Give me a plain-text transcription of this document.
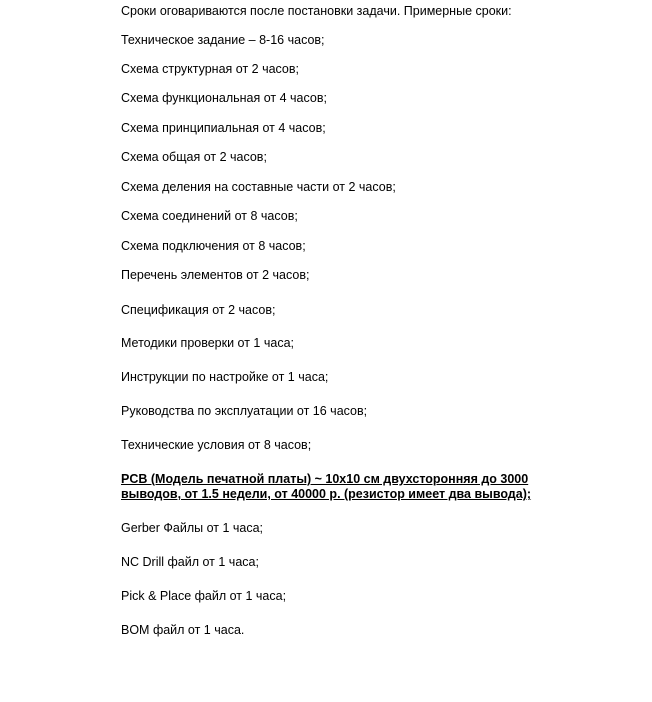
Сроки оговариваются после постановки задачи. Примерные сроки:
Техническое задание – 8-16 часов;
Схема структурная от 2 часов;
Схема функциональная от 4 часов;
Схема принципиальная от 4 часов;
Схема общая от 2 часов;
Схема деления на составные части от 2 часов;
Схема соединений от 8 часов;
Схема подключения от 8 часов;
Перечень элементов от 2 часов;
Спецификация от 2 часов;
Методики проверки от 1 часа;
Инструкции по настройке от 1 часа;
Руководства по эксплуатации от 16 часов;
Технические условия от 8 часов;
PCB (Модель печатной платы) ~ 10x10 см двухсторонняя до 3000
выводов, от 1.5 недели, от 40000 р. (резистор имеет два вывода);
Gerber Файлы от 1 часа;
NC Drill файл от 1 часа;
Pick & Place файл от 1 часа;
BOM файл от 1 часа.
